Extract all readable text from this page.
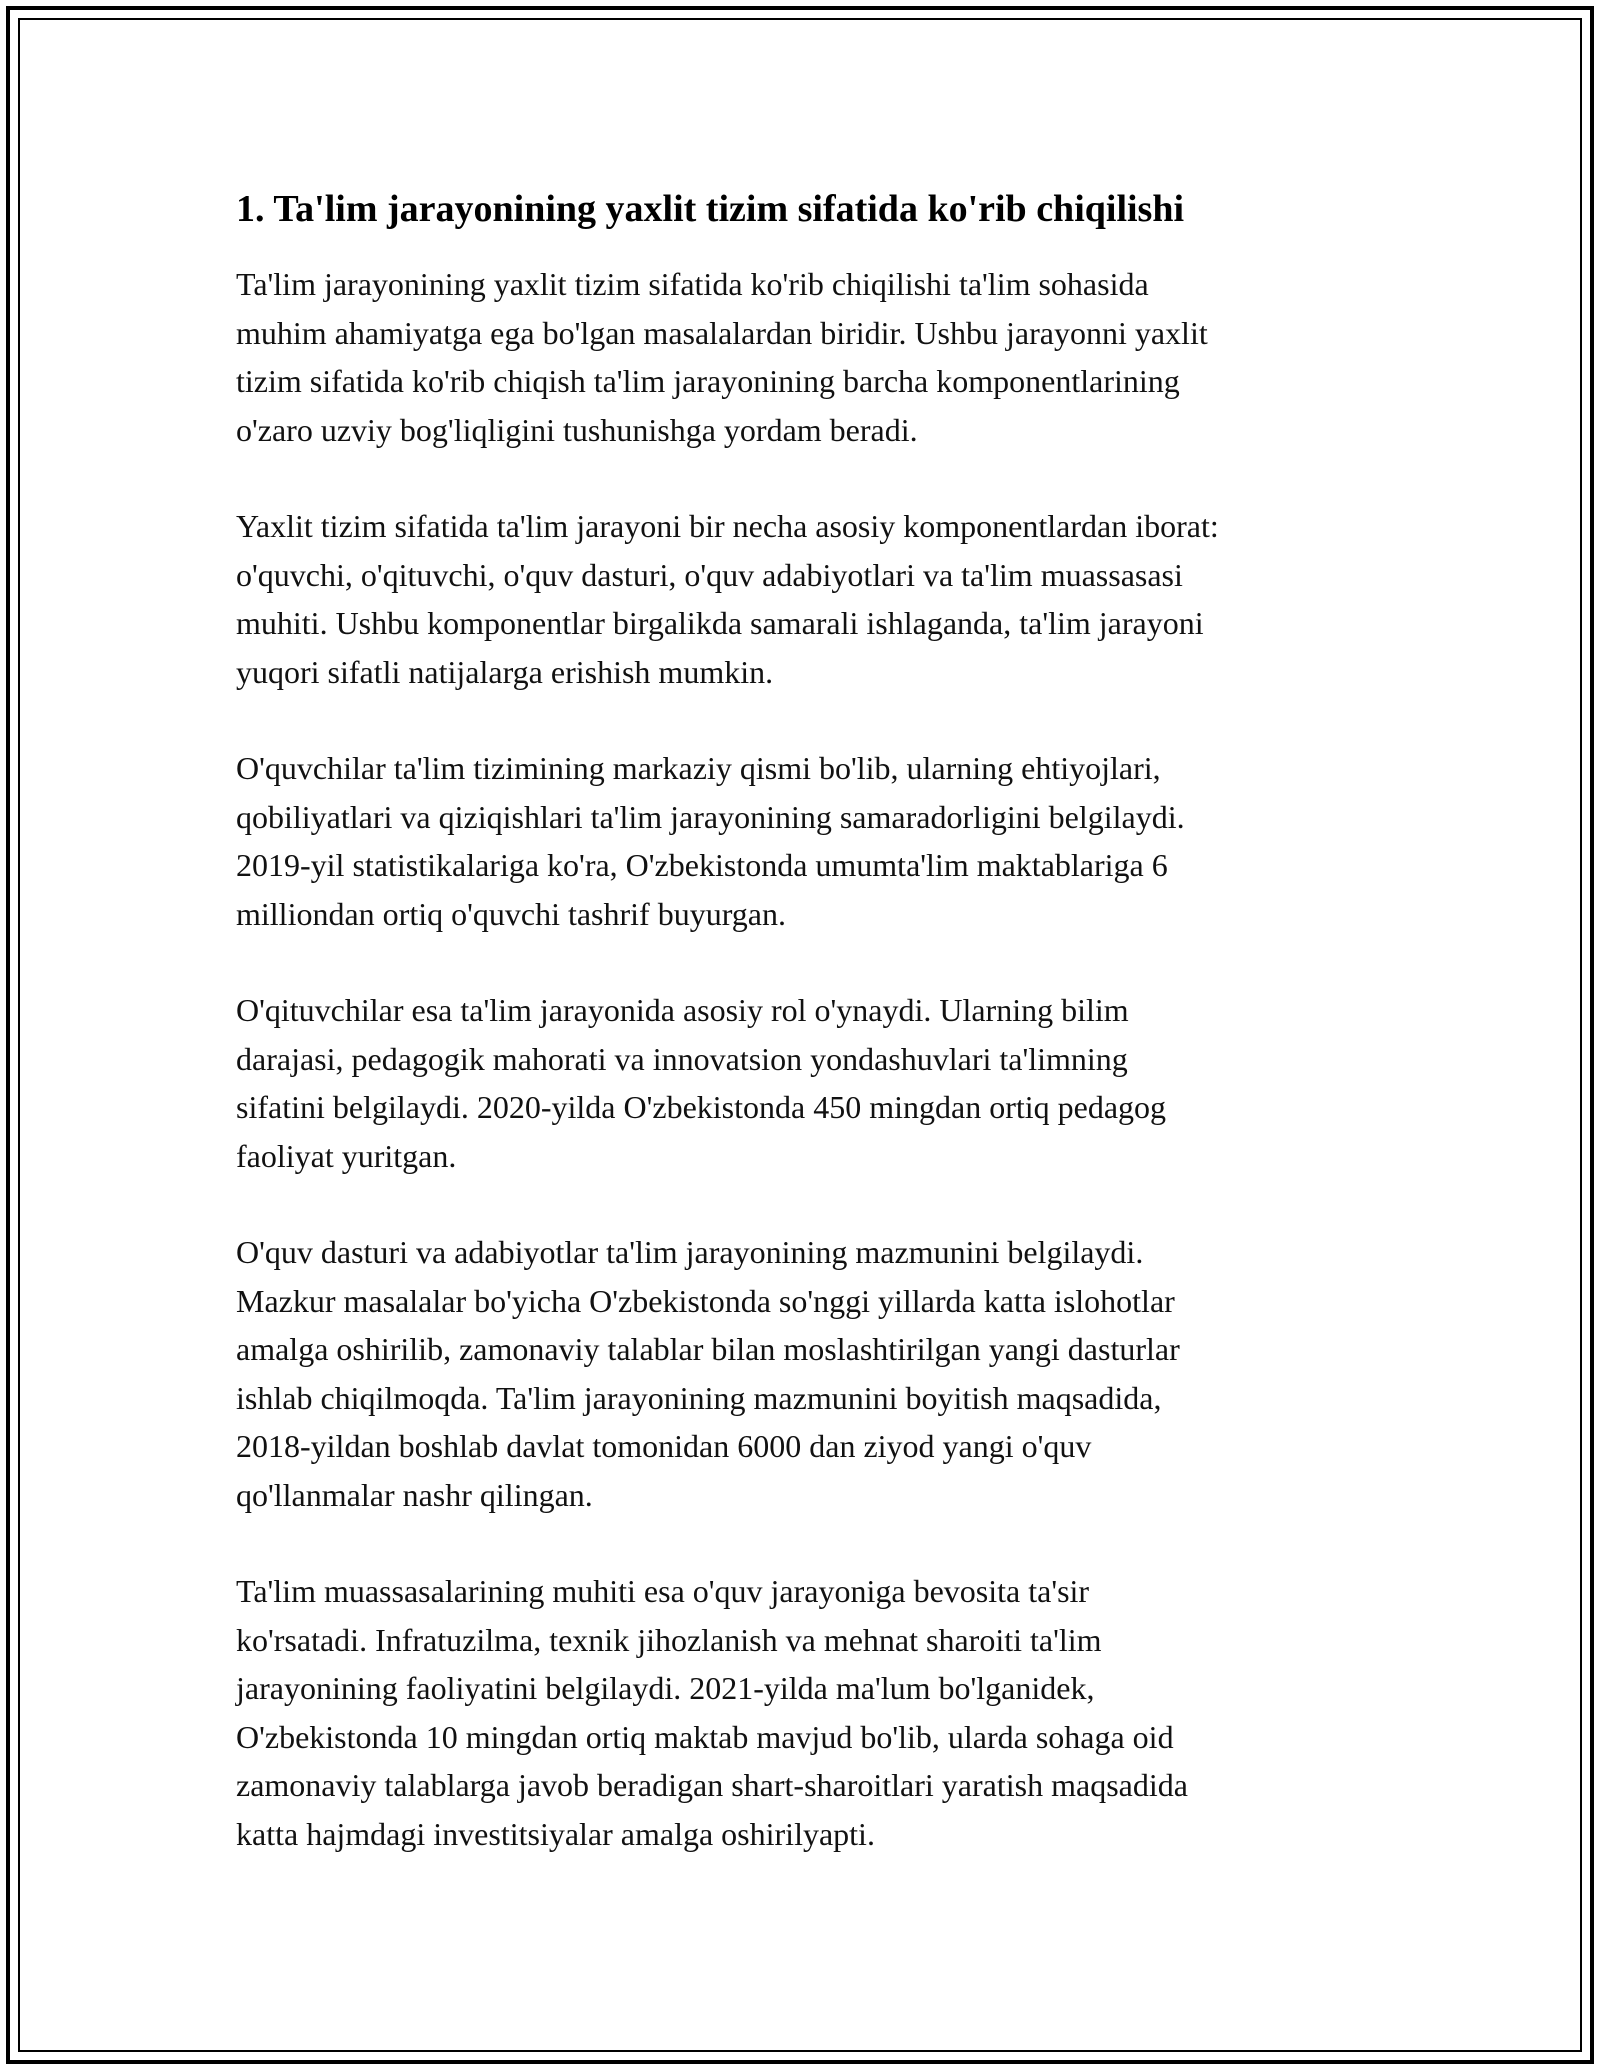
1. Ta'lim jarayonining yaxlit tizim sifatida ko'rib chiqilishi
Ta'lim jarayonining yaxlit tizim sifatida ko'rib chiqilishi ta'lim sohasida
muhim ahamiyatga ega bo'lgan masalalardan biridir. Ushbu jarayonni yaxlit
tizim sifatida ko'rib chiqish ta'lim jarayonining barcha komponentlarining
o'zaro uzviy bog'liqligini tushunishga yordam beradi.
Yaxlit tizim sifatida ta'lim jarayoni bir necha asosiy komponentlardan iborat:
o'quvchi, o'qituvchi, o'quv dasturi, o'quv adabiyotlari va ta'lim muassasasi
muhiti. Ushbu komponentlar birgalikda samarali ishlaganda, ta'lim jarayoni
yuqori sifatli natijalarga erishish mumkin.
O'quvchilar ta'lim tizimining markaziy qismi bo'lib, ularning ehtiyojlari,
qobiliyatlari va qiziqishlari ta'lim jarayonining samaradorligini belgilaydi.
2019-yil statistikalariga ko'ra, O'zbekistonda umumta'lim maktablariga 6
milliondan ortiq o'quvchi tashrif buyurgan.
O'qituvchilar esa ta'lim jarayonida asosiy rol o'ynaydi. Ularning bilim
darajasi, pedagogik mahorati va innovatsion yondashuvlari ta'limning
sifatini belgilaydi. 2020-yilda O'zbekistonda 450 mingdan ortiq pedagog
faoliyat yuritgan.
O'quv dasturi va adabiyotlar ta'lim jarayonining mazmunini belgilaydi.
Mazkur masalalar bo'yicha O'zbekistonda so'nggi yillarda katta islohotlar
amalga oshirilib, zamonaviy talablar bilan moslashtirilgan yangi dasturlar
ishlab chiqilmoqda. Ta'lim jarayonining mazmunini boyitish maqsadida,
2018-yildan boshlab davlat tomonidan 6000 dan ziyod yangi o'quv
qo'llanmalar nashr qilingan.
Ta'lim muassasalarining muhiti esa o'quv jarayoniga bevosita ta'sir
ko'rsatadi. Infratuzilma, texnik jihozlanish va mehnat sharoiti ta'lim
jarayonining faoliyatini belgilaydi. 2021-yilda ma'lum bo'lganidek,
O'zbekistonda 10 mingdan ortiq maktab mavjud bo'lib, ularda sohaga oid
zamonaviy talablarga javob beradigan shart-sharoitlari yaratish maqsadida
katta hajmdagi investitsiyalar amalga oshirilyapti.
